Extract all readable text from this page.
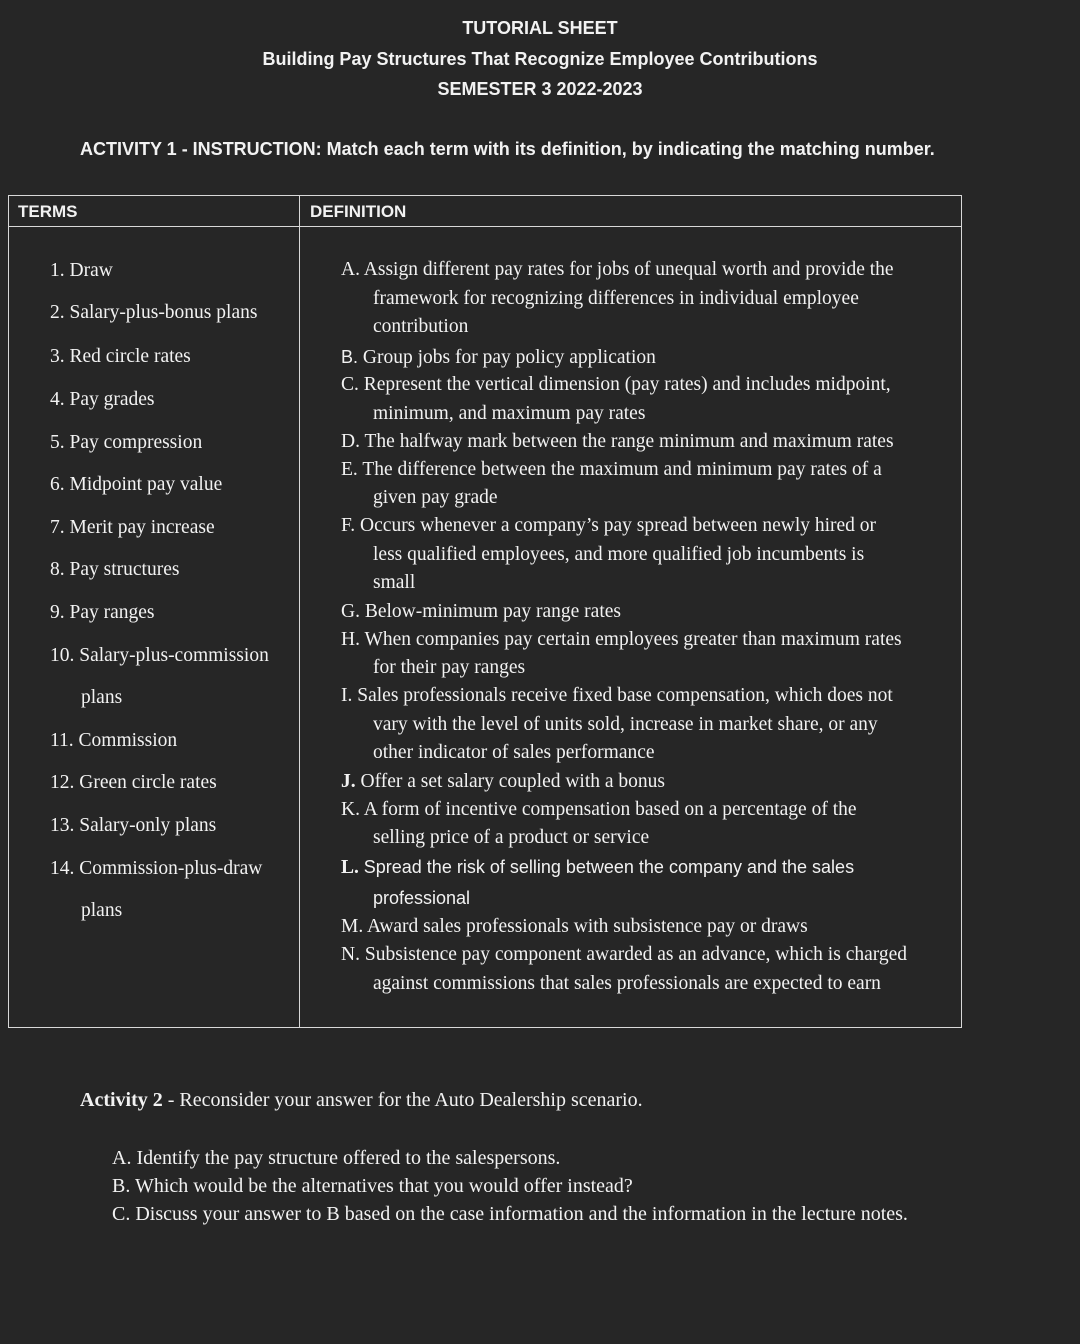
TUTORIAL SHEET
Building Pay Structures That Recognize Employee Contributions
SEMESTER 3 2022-2023
ACTIVITY 1 - INSTRUCTION: Match each term with its definition, by indicating the matching number.
TERMS	DEFINITION
1. Draw
2. Salary-plus-bonus plans
3. Red circle rates
4. Pay grades
5. Pay compression
6. Midpoint pay value
7. Merit pay increase
8. Pay structures
9. Pay ranges
10. Salary-plus-commission
plans
11. Commission
12. Green circle rates
13. Salary-only plans
14. Commission-plus-draw
plans
A. Assign different pay rates for jobs of unequal worth and provide the
framework for recognizing differences in individual employee
contribution
B. Group jobs for pay policy application
C. Represent the vertical dimension (pay rates) and includes midpoint,
minimum, and maximum pay rates
D. The halfway mark between the range minimum and maximum rates
E. The difference between the maximum and minimum pay rates of a
given pay grade
F. Occurs whenever a company’s pay spread between newly hired or
less qualified employees, and more qualified job incumbents is
small
G. Below-minimum pay range rates
H. When companies pay certain employees greater than maximum rates
for their pay ranges
I. Sales professionals receive fixed base compensation, which does not
vary with the level of units sold, increase in market share, or any
other indicator of sales performance
J. Offer a set salary coupled with a bonus
K. A form of incentive compensation based on a percentage of the
selling price of a product or service
L. Spread the risk of selling between the company and the sales
professional
M. Award sales professionals with subsistence pay or draws
N. Subsistence pay component awarded as an advance, which is charged
against commissions that sales professionals are expected to earn
Activity 2 - Reconsider your answer for the Auto Dealership scenario.
A. Identify the pay structure offered to the salespersons.
B. Which would be the alternatives that you would offer instead?
C. Discuss your answer to B based on the case information and the information in the lecture notes.
